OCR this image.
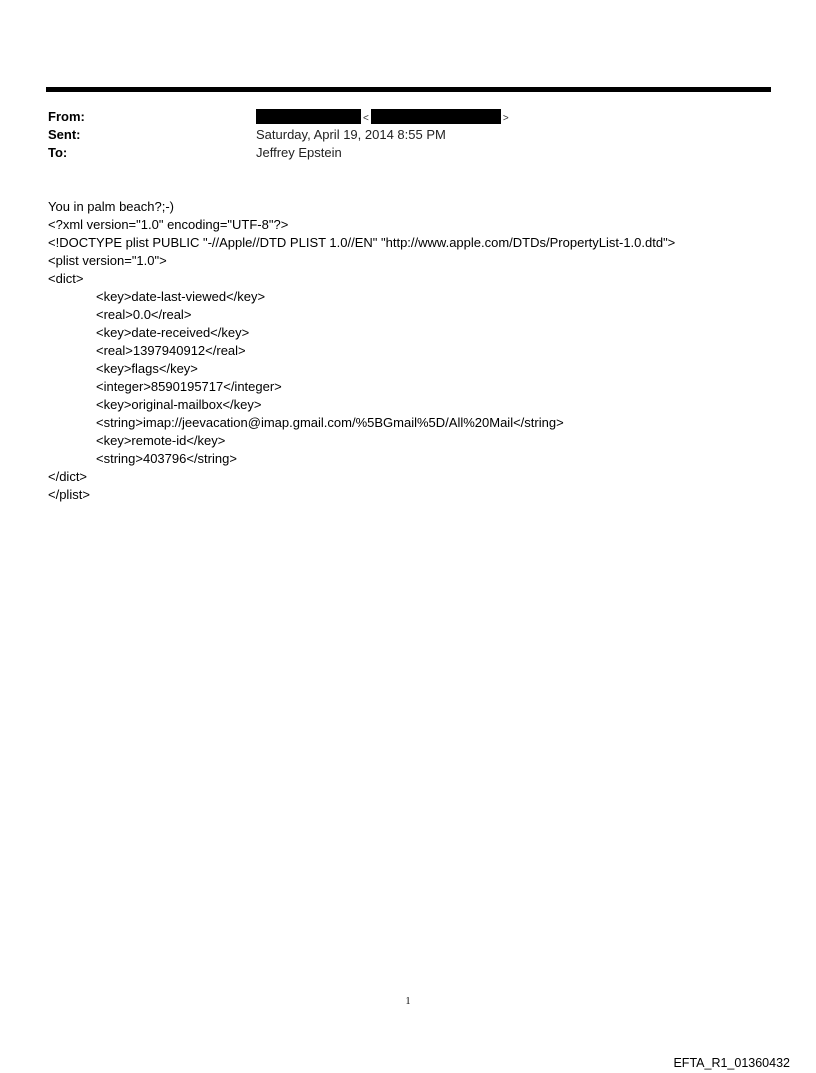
From:	<	>
Sent:	Saturday, April 19, 2014 8:55 PM
To:	Jeffrey Epstein
You in palm beach?;-)
<?xml version="1.0" encoding="UTF-8"?>
<!DOCTYPE plist PUBLIC "-//Apple//DTD PLIST 1.0//EN" "http://www.apple.com/DTDs/PropertyList-1.0.dtd">
<plist version="1.0">
<dict>
<key>date-last-viewed</key>
<real>0.0</real>
<key>date-received</key>
<real>1397940912</real>
<key>flags</key>
<integer>8590195717</integer>
<key>original-mailbox</key>
<string>imap://jeevacation@imap.gmail.com/%5BGmail%5D/All%20Mail</string>
<key>remote-id</key>
<string>403796</string>
</dict>
</plist>
1
EFTA_R1_01360432
